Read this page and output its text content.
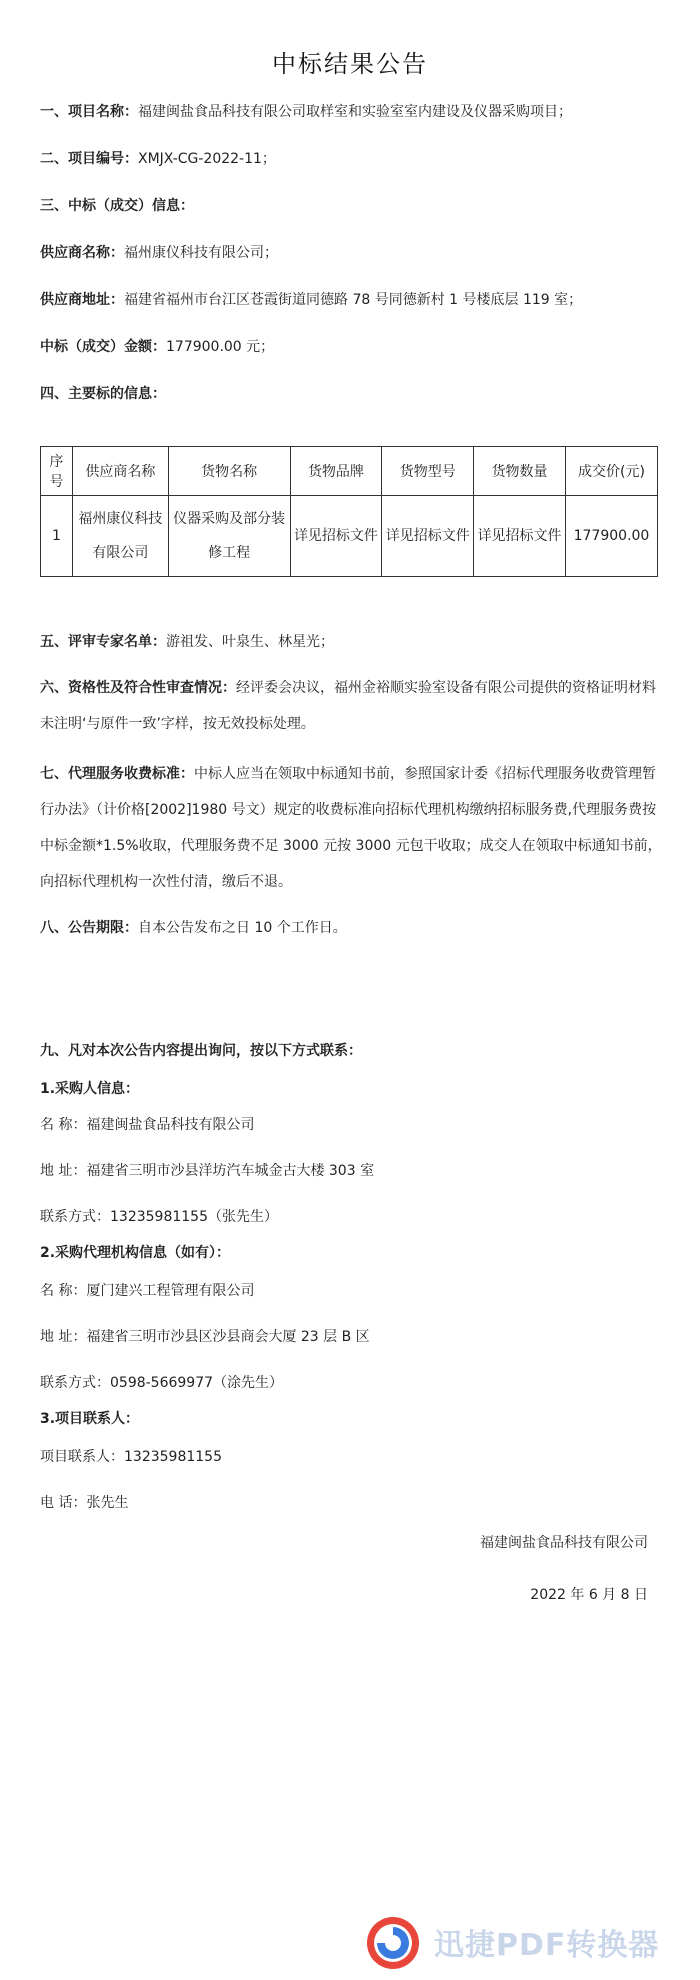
中标结果公告
一、项目名称：福建闽盐食品科技有限公司取样室和实验室室内建设及仪器采购项目；
二、项目编号：XMJX-CG-2022-11；
三、中标（成交）信息：
供应商名称：福州康仪科技有限公司；
供应商地址：福建省福州市台江区苍霞街道同德路 78 号同德新村 1 号楼底层 119 室；
中标（成交）金额：177900.00 元；
四、主要标的信息：
序号	供应商名称	货物名称	货物品牌	货物型号	货物数量	成交价(元)
1	福州康仪科技有限公司	仪器采购及部分装修工程	详见招标文件	详见招标文件	详见招标文件	177900.00
五、评审专家名单：游祖发、叶泉生、林星光；
六、资格性及符合性审查情况：经评委会决议，福州金裕顺实验室设备有限公司提供的资格证明材料未注明‘与原件一致’字样，按无效投标处理。
七、代理服务收费标准：中标人应当在领取中标通知书前，参照国家计委《招标代理服务收费管理暂行办法》（计价格[2002]1980 号文）规定的收费标准向招标代理机构缴纳招标服务费,代理服务费按中标金额*1.5%收取，代理服务费不足 3000 元按 3000 元包干收取；成交人在领取中标通知书前，向招标代理机构一次性付清，缴后不退。
八、公告期限：自本公告发布之日 10 个工作日。
九、凡对本次公告内容提出询问，按以下方式联系：
1.采购人信息：
名 称：福建闽盐食品科技有限公司
地 址：福建省三明市沙县洋坊汽车城金古大楼 303 室
联系方式：13235981155（张先生）
2.采购代理机构信息（如有）：
名 称：厦门建兴工程管理有限公司
地 址：福建省三明市沙县区沙县商会大厦 23 层 B 区
联系方式：0598-5669977（涂先生）
3.项目联系人：
项目联系人：13235981155
电 话：张先生
福建闽盐食品科技有限公司
2022 年 6 月 8 日
迅捷PDF转换器
